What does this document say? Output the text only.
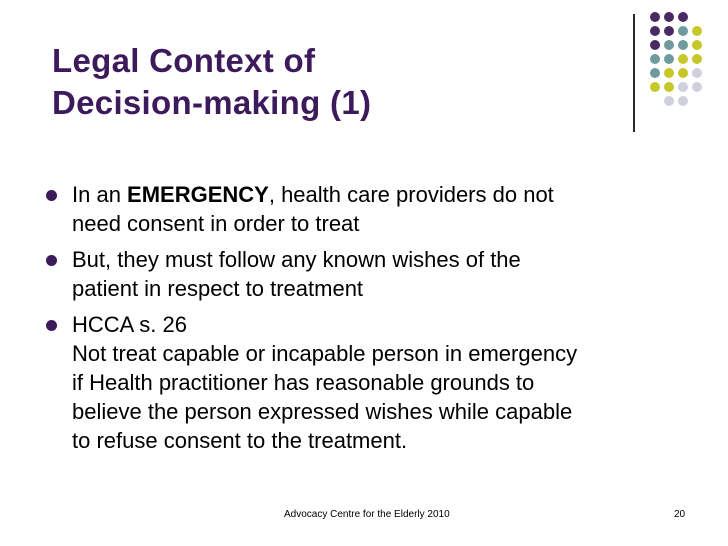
Legal Context of
Decision-making (1)
In an EMERGENCY, health care providers do not
need consent in order to treat
But, they must follow any known wishes of the
patient in respect to treatment
HCCA s. 26
Not treat capable or incapable person in emergency
if Health practitioner has reasonable grounds to
believe the person expressed wishes while capable
to refuse consent to the treatment.
Advocacy Centre for the Elderly 2010	20
